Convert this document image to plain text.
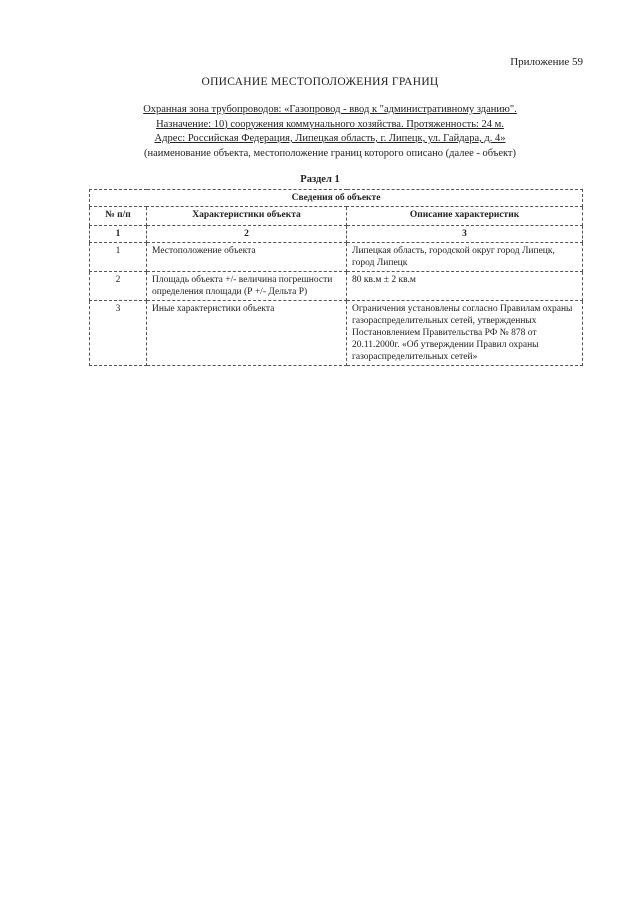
Приложение 59
ОПИСАНИЕ МЕСТОПОЛОЖЕНИЯ ГРАНИЦ
Охранная зона трубопроводов: «Газопровод - ввод к "административному зданию".
Назначение: 10) сооружения коммунального хозяйства. Протяженность: 24 м.
Адрес: Российская Федерация, Липецкая область, г. Липецк, ул. Гайдара, д. 4»
(наименование объекта, местоположение границ которого описано (далее - объект)
Раздел 1
Сведения об объекте		
№ п/п	Характеристики объекта	Описание характеристик
1	2	3
1	Местоположение объекта	Липецкая область, городской округ город Липецк, город Липецк
2	Площадь объекта +/- величина погрешности определения площади (Р +/- Дельта Р)	80 кв.м ± 2 кв.м
3	Иные характеристики объекта	Ограничения установлены согласно Правилам охраны газораспределительных сетей, утвержденных Постановлением Правительства РФ № 878 от 20.11.2000г. «Об утверждении Правил охраны газораспределительных сетей»
